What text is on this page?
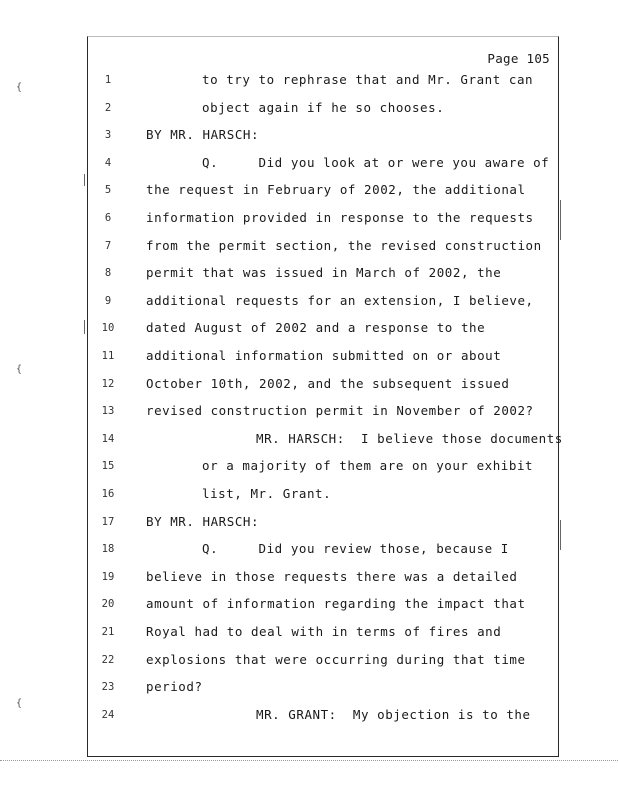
Page 105
1	to try to rephrase that and Mr. Grant can
2	object again if he so chooses.
3	BY MR. HARSCH:
4	Q.     Did you look at or were you aware of
5	the request in February of 2002, the additional
6	information provided in response to the requests
7	from the permit section, the revised construction
8	permit that was issued in March of 2002, the
9	additional requests for an extension, I believe,
10	dated August of 2002 and a response to the
11	additional information submitted on or about
12	October 10th, 2002, and the subsequent issued
13	revised construction permit in November of 2002?
14	MR. HARSCH:  I believe those documents
15	or a majority of them are on your exhibit
16	list, Mr. Grant.
17	BY MR. HARSCH:
18	Q.     Did you review those, because I
19	believe in those requests there was a detailed
20	amount of information regarding the impact that
21	Royal had to deal with in terms of fires and
22	explosions that were occurring during that time
23	period?
24	MR. GRANT:  My objection is to the
{
{
{
